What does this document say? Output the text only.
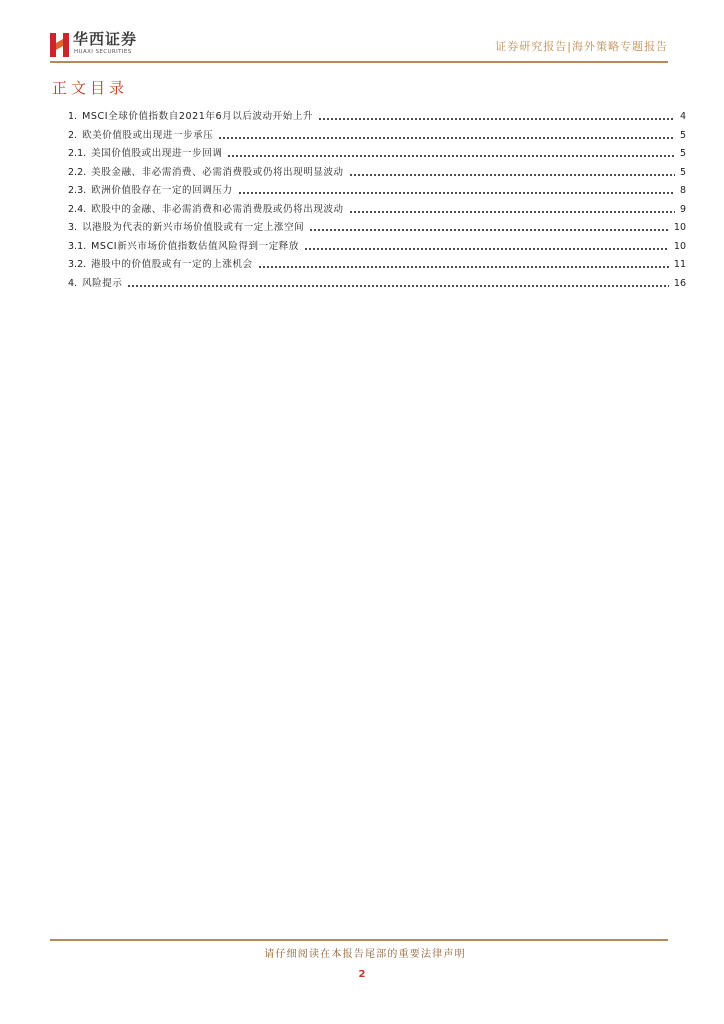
华西证券
HUAXI SECURITIES	证券研究报告|海外策略专题报告
正文目录
1. MSCI全球价值指数自2021年6月以后波动开始上升	4
2. 欧美价值股或出现进一步承压	5
2.1. 美国价值股或出现进一步回调	5
2.2. 美股金融、非必需消费、必需消费股或仍将出现明显波动	5
2.3. 欧洲价值股存在一定的回调压力	8
2.4. 欧股中的金融、非必需消费和必需消费股或仍将出现波动	9
3. 以港股为代表的新兴市场价值股或有一定上涨空间	10
3.1. MSCI新兴市场价值指数估值风险得到一定释放	10
3.2. 港股中的价值股或有一定的上涨机会	11
4. 风险提示	16
请仔细阅读在本报告尾部的重要法律声明
2
